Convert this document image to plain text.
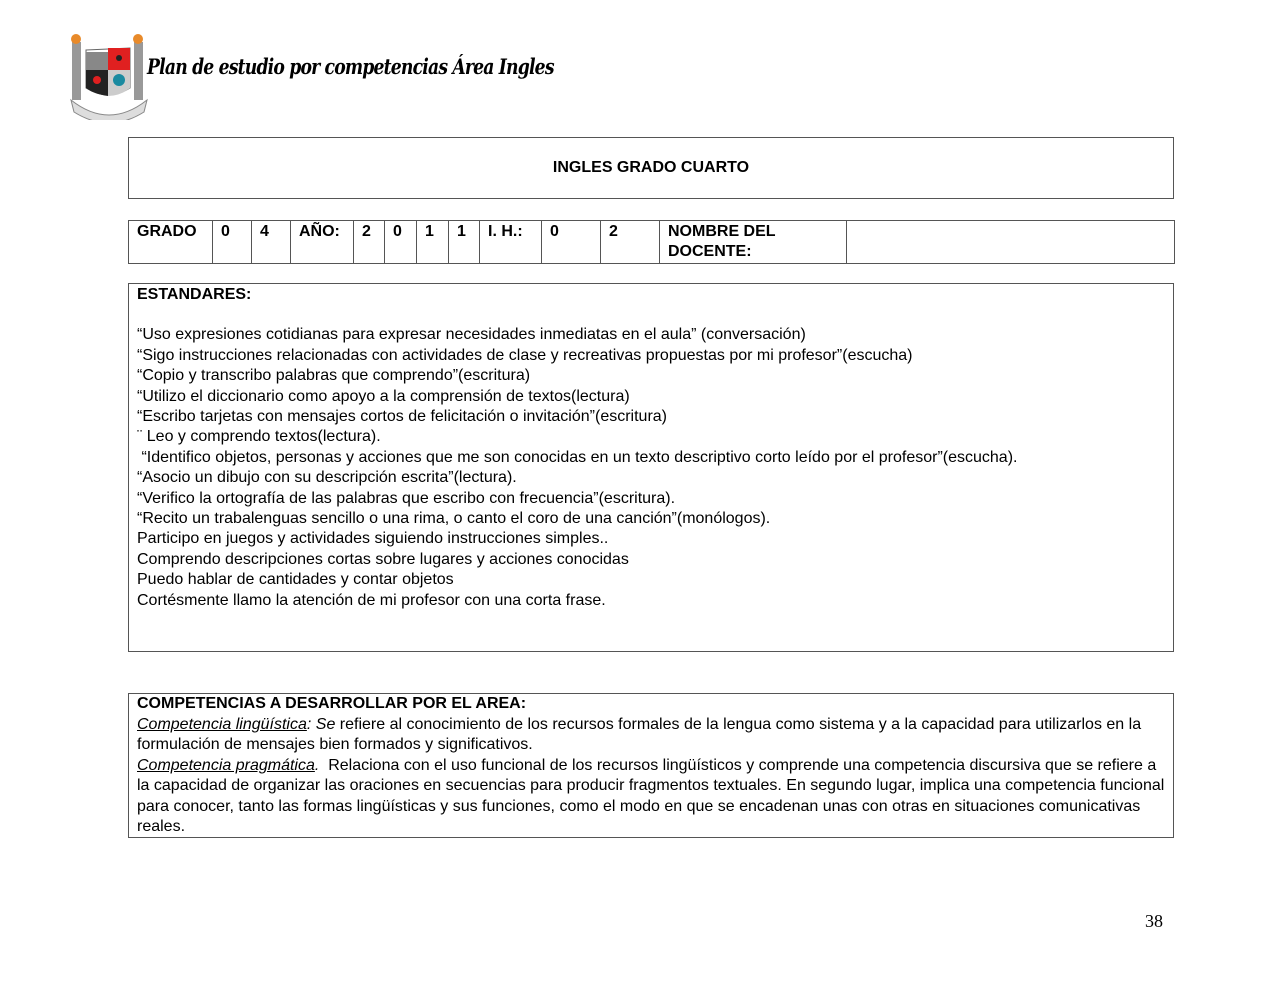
Plan de estudio por competencias Área Ingles
INGLES GRADO CUARTO
GRADO	0	4	AÑO:	2	0	1	1	I. H.:	0	2	NOMBRE DEL DOCENTE:	
ESTANDARES:
“Uso expresiones cotidianas para expresar necesidades inmediatas en el aula” (conversación)
“Sigo instrucciones relacionadas con actividades de clase y recreativas propuestas por mi profesor”(escucha)
“Copio y transcribo palabras que comprendo”(escritura)
“Utilizo el diccionario como apoyo a la comprensión de textos(lectura)
“Escribo tarjetas con mensajes cortos de felicitación o invitación”(escritura)
¨ Leo y comprendo textos(lectura).
“Identifico objetos, personas y acciones que me son conocidas en un texto descriptivo corto leído por el profesor”(escucha).
“Asocio un dibujo con su descripción escrita”(lectura).
“Verifico la ortografía de las palabras que escribo con frecuencia”(escritura).
“Recito un trabalenguas sencillo o una rima, o canto el coro de una canción”(monólogos).
Participo en juegos y actividades siguiendo instrucciones simples..
Comprendo descripciones cortas sobre lugares y acciones conocidas
Puedo hablar de cantidades y contar objetos
Cortésmente llamo la atención de mi profesor con una corta frase.
COMPETENCIAS A DESARROLLAR POR EL AREA:
Competencia lingüística: Se refiere al conocimiento de los recursos formales de la lengua como sistema y a la capacidad para utilizarlos en la formulación de mensajes bien formados y significativos.
Competencia pragmática.  Relaciona con el uso funcional de los recursos lingüísticos y comprende una competencia discursiva que se refiere a la capacidad de organizar las oraciones en secuencias para producir fragmentos textuales. En segundo lugar, implica una competencia funcional para conocer, tanto las formas lingüísticas y sus funciones, como el modo en que se encadenan unas con otras en situaciones comunicativas reales.
38
